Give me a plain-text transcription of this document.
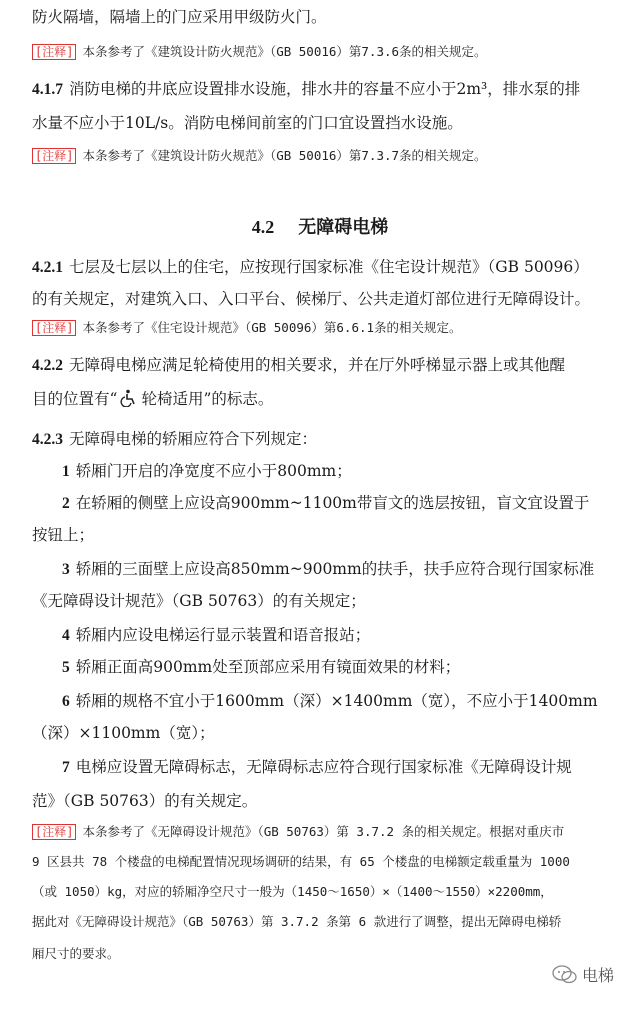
防火隔墙，隔墙上的门应采用甲级防火门。
[注释] 本条参考了《建筑设计防火规范》（GB 50016）第7.3.6条的相关规定。
4.1.7 消防电梯的井底应设置排水设施，排水井的容量不应小于2m³，排水泵的排
水量不应小于10L/s。消防电梯间前室的门口宜设置挡水设施。
[注释] 本条参考了《建筑设计防火规范》（GB 50016）第7.3.7条的相关规定。
4.2 无障碍电梯
4.2.1 七层及七层以上的住宅，应按现行国家标准《住宅设计规范》（GB 50096）
的有关规定，对建筑入口、入口平台、候梯厅、公共走道灯部位进行无障碍设计。
[注释] 本条参考了《住宅设计规范》（GB 50096）第6.6.1条的相关规定。
4.2.2 无障碍电梯应满足轮椅使用的相关要求，并在厅外呼梯显示器上或其他醒
目的位置有“ 轮椅适用”的标志。
4.2.3 无障碍电梯的轿厢应符合下列规定：
1 轿厢门开启的净宽度不应小于800mm；
2 在轿厢的侧壁上应设高900mm~1100m带盲文的选层按钮，盲文宜设置于
按钮上；
3 轿厢的三面壁上应设高850mm~900mm的扶手，扶手应符合现行国家标准
《无障碍设计规范》（GB 50763）的有关规定；
4 轿厢内应设电梯运行显示装置和语音报站；
5 轿厢正面高900mm处至顶部应采用有镜面效果的材料；
6 轿厢的规格不宜小于1600mm（深）×1400mm（宽），不应小于1400mm
（深）×1100mm（宽）；
7 电梯应设置无障碍标志，无障碍标志应符合现行国家标准《无障碍设计规
范》（GB 50763）的有关规定。
[注释] 本条参考了《无障碍设计规范》（GB 50763）第 3.7.2 条的相关规定。根据对重庆市
9 区县共 78 个楼盘的电梯配置情况现场调研的结果，有 65 个楼盘的电梯额定载重量为 1000
（或 1050）kg，对应的轿厢净空尺寸一般为（1450～1650）×（1400～1550）×2200mm，
据此对《无障碍设计规范》（GB 50763）第 3.7.2 条第 6 款进行了调整，提出无障碍电梯轿
厢尺寸的要求。
电梯
